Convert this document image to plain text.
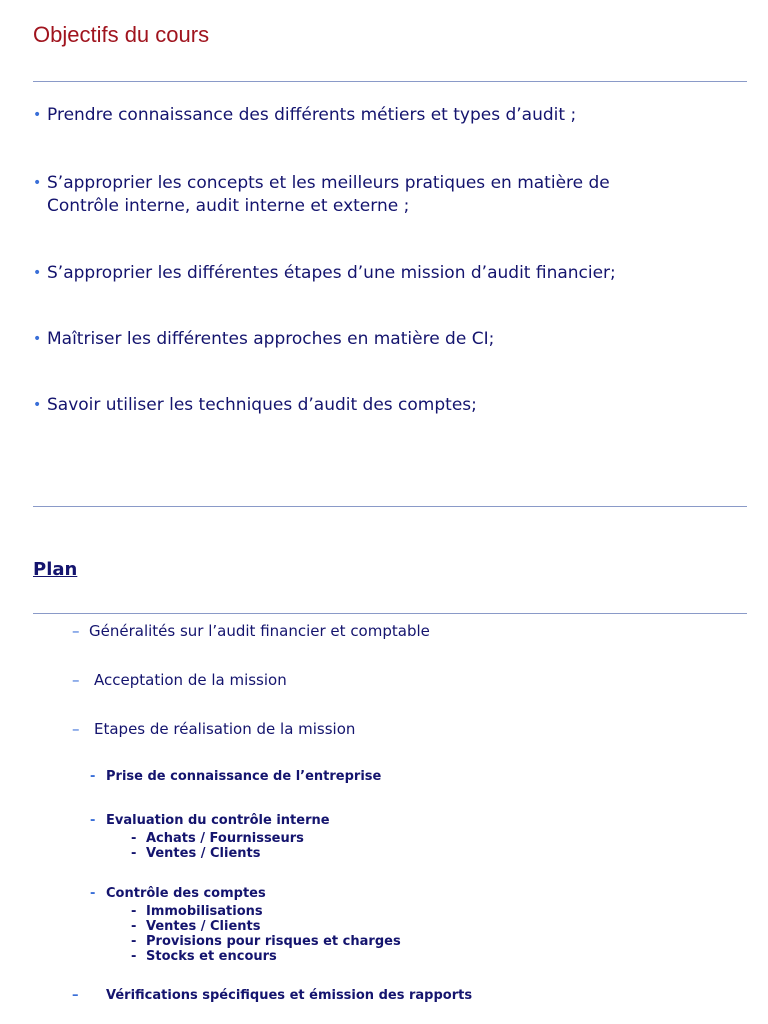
Objectifs du cours
• Prendre connaissance des différents métiers et types d’audit ;
• S’approprier les concepts et les meilleurs pratiques en matière de
Contrôle interne, audit interne et externe ;
• S’approprier les différentes étapes d’une mission d’audit financier;
• Maîtriser les différentes approches en matière de CI;
• Savoir utiliser les techniques d’audit des comptes;
Plan
– Généralités sur l’audit financier et comptable
– Acceptation de la mission
– Etapes de réalisation de la mission
- Prise de connaissance de l’entreprise
- Evaluation du contrôle interne
- Achats / Fournisseurs
- Ventes / Clients
- Contrôle des comptes
- Immobilisations
- Ventes / Clients
- Provisions pour risques et charges
- Stocks et encours
– Vérifications spécifiques et émission des rapports
